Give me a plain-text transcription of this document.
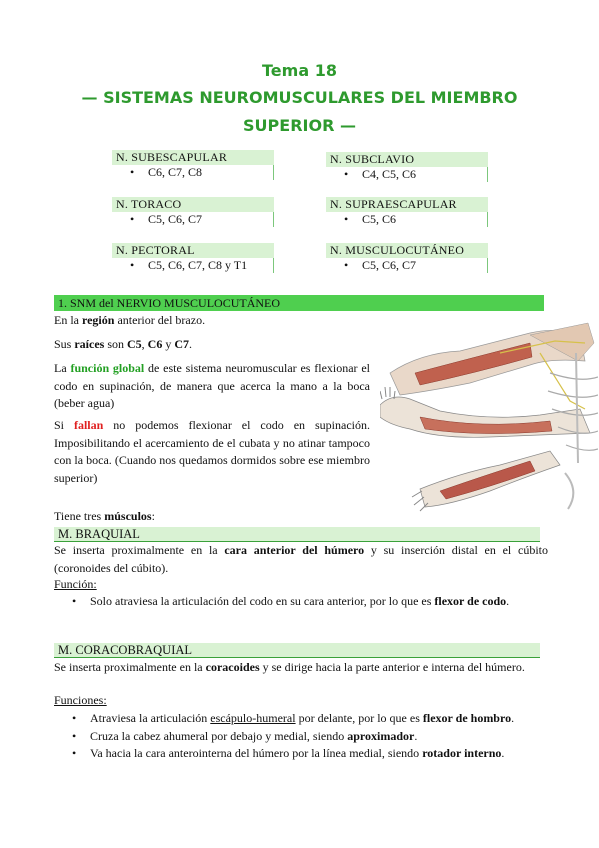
Tema 18
— SISTEMAS NEUROMUSCULARES DEL MIEMBRO
SUPERIOR —
N. SUBESCAPULAR
• C6, C7, C8
N. SUBCLAVIO
• C4, C5, C6
N. TORACO
• C5, C6, C7
N. SUPRAESCAPULAR
• C5, C6
N. PECTORAL
• C5, C6, C7, C8 y T1
N. MUSCULOCUTÁNEO
• C5, C6, C7
1. SNM del NERVIO MUSCULOCUTÁNEO

En la región anterior del brazo.

Sus raíces son C5, C6 y C7.

La función global de este sistema neuromuscular es flexionar el codo en supinación, de manera que acerca la mano a la boca (beber agua)

Si fallan no podemos flexionar el codo en supinación. Imposibilitando el acercamiento de el cubata y no atinar tampoco con la boca. (Cuando nos quedamos dormidos sobre ese miembro superior)

Tiene tres músculos:

M. BRAQUIAL

Se inserta proximalmente en la cara anterior del húmero y su inserción distal en el cúbito (coronoides del cúbito).

Función:

• Solo atraviesa la articulación del codo en su cara anterior, por lo que es flexor de codo.
M. CORACOBRAQUIAL

Se inserta proximalmente en la coracoides y se dirige hacia la parte anterior e interna del húmero.

Funciones:

• Atraviesa la articulación escápulo-humeral por delante, por lo que es flexor de hombro.
• Cruza la cabez ahumeral por debajo y medial, siendo aproximador.
• Va hacia la cara anterointerna del húmero por la línea medial, siendo rotador interno.
